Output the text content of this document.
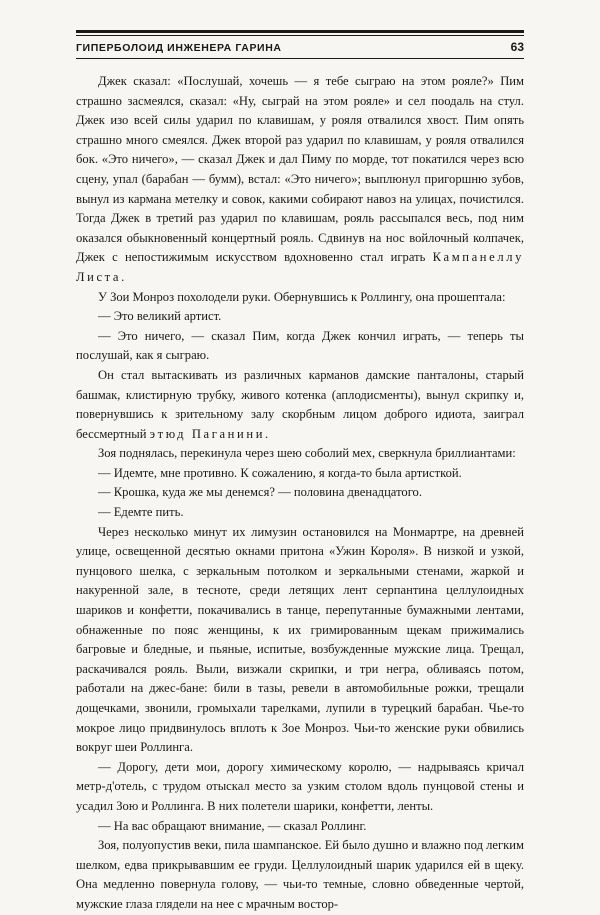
ГИПЕРБОЛОИД ИНЖЕНЕРА ГАРИНА	63

Джек сказал: «Послушай, хочешь — я тебе сыграю на этом рояле?» Пим страшно засмеялся, сказал: «Ну, сыграй на этом рояле» и сел поодаль на стул. Джек изо всей силы ударил по клавишам, у рояля отвалился хвост. Пим опять страшно много смеялся. Джек второй раз ударил по клавишам, у рояля отвалился бок. «Это ничего», — сказал Джек и дал Пиму по морде, тот покатился через всю сцену, упал (барабан — бумм), встал: «Это ничего»; выплюнул пригоршню зубов, вынул из кармана метелку и совок, какими собирают навоз на улицах, почистился. Тогда Джек в третий раз ударил по клавишам, рояль рассыпался весь, под ним оказался обыкновенный концертный рояль. Сдвинув на нос войлочный колпачек, Джек с непостижимым искусством вдохновенно стал играть Кампанеллу Листа.

У Зои Монроз похолодели руки. Обернувшись к Роллингу, она прошептала:

— Это великий артист.

— Это ничего, — сказал Пим, когда Джек кончил играть, — теперь ты послушай, как я сыграю.

Он стал вытаскивать из различных карманов дамские панталоны, старый башмак, клистирную трубку, живого котенка (аплодисменты), вынул скрипку и, повернувшись к зрительному залу скорбным лицом доброго идиота, заиграл бессмертный этюд Паганини.

Зоя поднялась, перекинула через шею соболий мех, сверкнула бриллиантами:

— Идемте, мне противно. К сожалению, я когда-то была артисткой.

— Крошка, куда же мы денемся? — половина двенадцатого.

— Едемте пить.

Через несколько минут их лимузин остановился на Монмартре, на древней улице, освещенной десятью окнами притона «Ужин Короля». В низкой и узкой, пунцового шелка, с зеркальным потолком и зеркальными стенами, жаркой и накуренной зале, в тесноте, среди летящих лент серпантина целлулоидных шариков и конфетти, покачивались в танце, перепутанные бумажными лентами, обнаженные по пояс женщины, к их гримированным щекам прижимались багровые и бледные, и пьяные, испитые, возбужденные мужские лица. Трещал, раскачивался рояль. Выли, визжали скрипки, и три негра, обливаясь потом, работали на джес-бане: били в тазы, ревели в автомобильные рожки, трещали дощечками, звонили, громыхали тарелками, лупили в турецкий барабан. Чье-то мокрое лицо придвинулось вплоть к Зое Монроз. Чьи-то женские руки обвились вокруг шеи Роллинга.

— Дорогу, дети мои, дорогу химическому королю, — надрываясь кричал метр-д'отель, с трудом отыскал место за узким столом вдоль пунцовой стены и усадил Зою и Роллинга. В них полетели шарики, конфетти, ленты.

— На вас обращают внимание, — сказал Роллинг.

Зоя, полуопустив веки, пила шампанское. Ей было душно и влажно под легким шелком, едва прикрывавшим ее груди. Целлулоидный шарик ударился ей в щеку. Она медленно повернула голову, — чьи-то темные, словно обведенные чертой, мужские глаза глядели на нее с мрачным востор-
